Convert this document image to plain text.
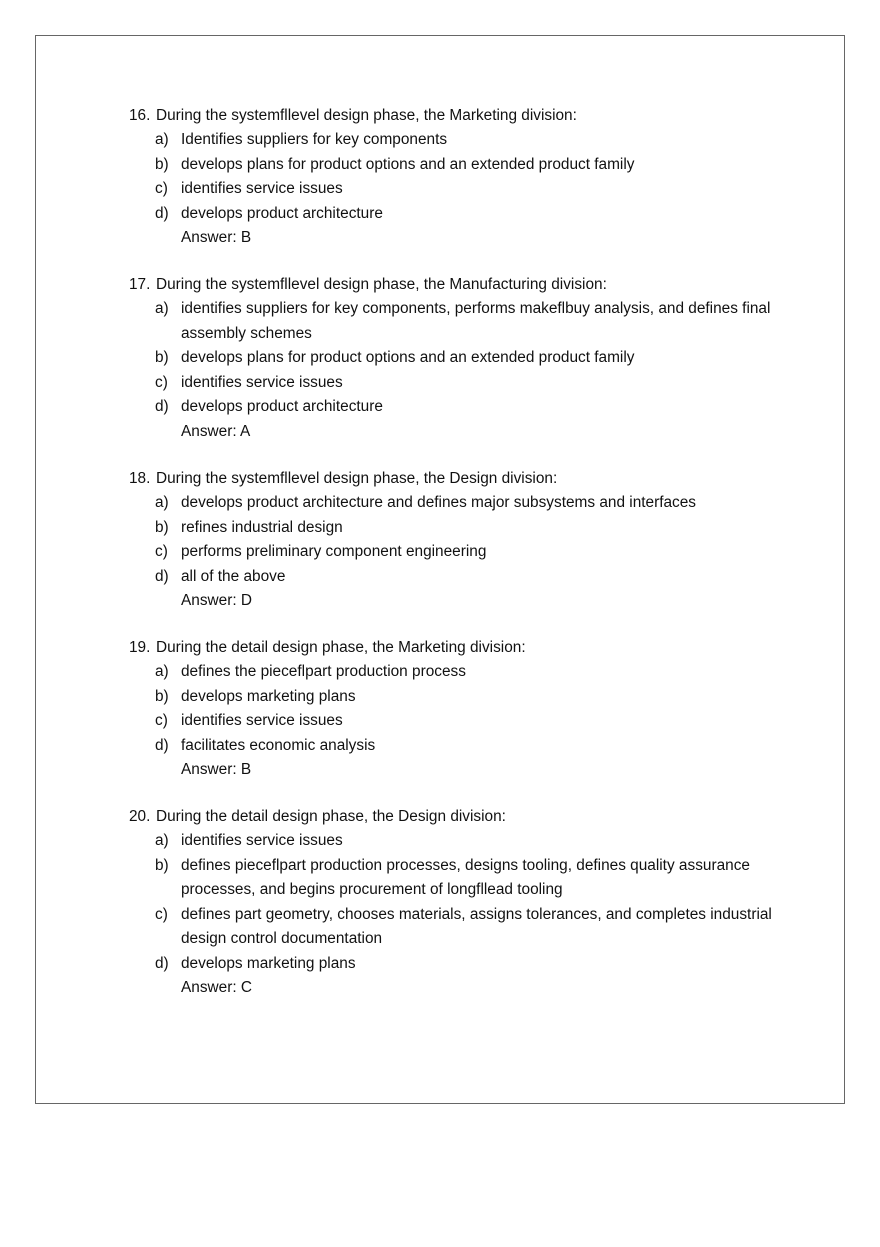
16. During the systemfllevel design phase, the Marketing division:
a) Identifies suppliers for key components
b) develops plans for product options and an extended product family
c) identifies service issues
d) develops product architecture
Answer: B
17. During the systemfllevel design phase, the Manufacturing division:
a) identifies suppliers for key components, performs makeflbuy analysis, and defines final assembly schemes
b) develops plans for product options and an extended product family
c) identifies service issues
d) develops product architecture
Answer: A
18. During the systemfllevel design phase, the Design division:
a) develops product architecture and defines major subsystems and interfaces
b) refines industrial design
c) performs preliminary component engineering
d) all of the above
Answer: D
19. During the detail design phase, the Marketing division:
a) defines the pieceflpart production process
b) develops marketing plans
c) identifies service issues
d) facilitates economic analysis
Answer: B
20. During the detail design phase, the Design division:
a) identifies service issues
b) defines pieceflpart production processes, designs tooling, defines quality assurance processes, and begins procurement of longfllead tooling
c) defines part geometry, chooses materials, assigns tolerances, and completes industrial design control documentation
d) develops marketing plans
Answer: C
